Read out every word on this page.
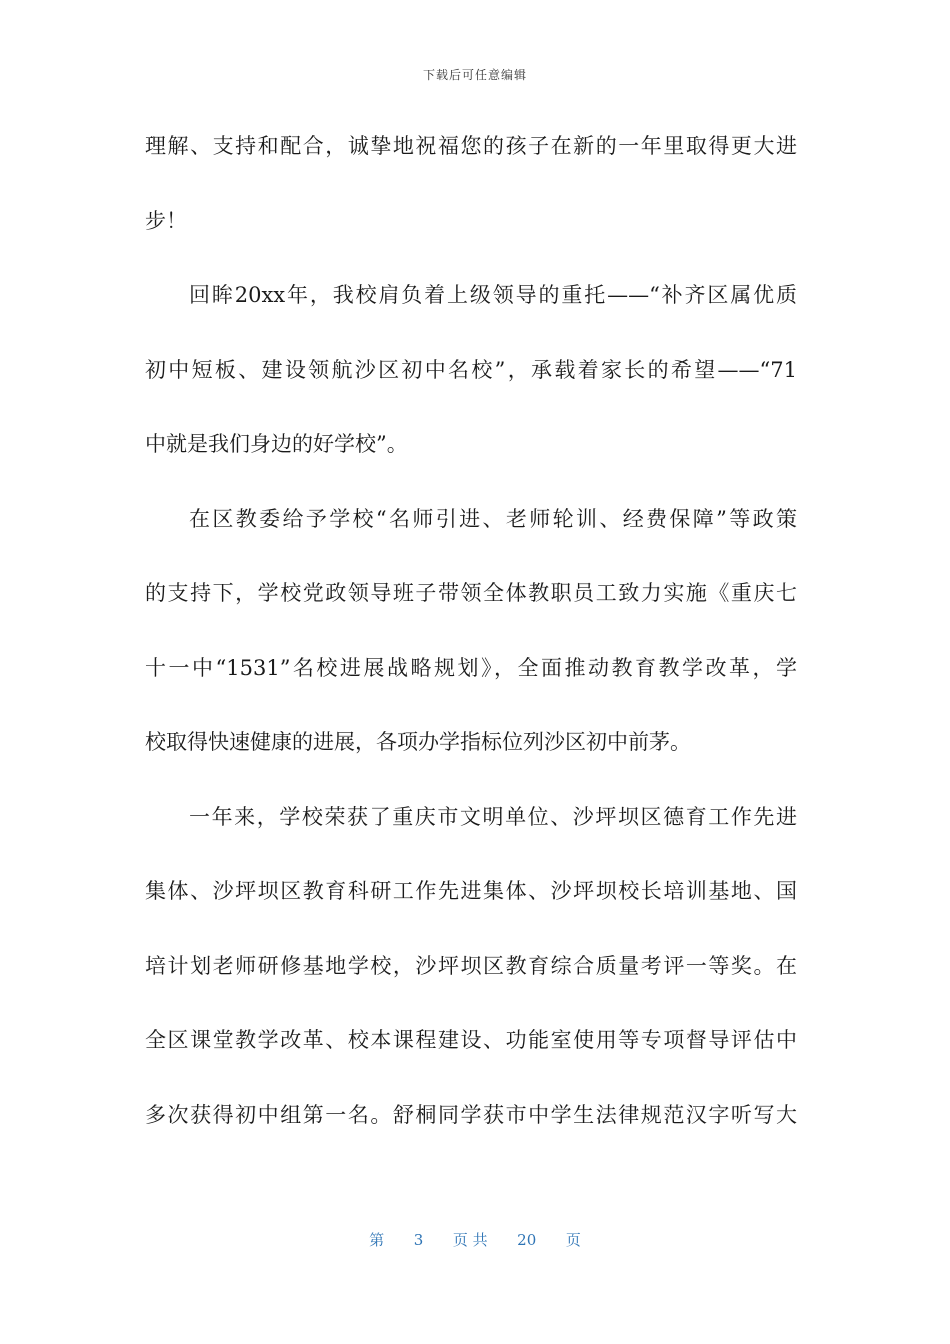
下载后可任意编辑
理解、支持和配合，诚挚地祝福您的孩子在新的一年里取得更大进
步！
回眸20xx年，我校肩负着上级领导的重托——“补齐区属优质
初中短板、建设领航沙区初中名校”，承载着家长的希望——“71
中就是我们身边的好学校”。
在区教委给予学校“名师引进、老师轮训、经费保障”等政策
的支持下，学校党政领导班子带领全体教职员工致力实施《重庆七
十一中“1531”名校进展战略规划》，全面推动教育教学改革，学
校取得快速健康的进展，各项办学指标位列沙区初中前茅。
一年来，学校荣获了重庆市文明单位、沙坪坝区德育工作先进
集体、沙坪坝区教育科研工作先进集体、沙坪坝校长培训基地、国
培计划老师研修基地学校，沙坪坝区教育综合质量考评一等奖。在
全区课堂教学改革、校本课程建设、功能室使用等专项督导评估中
多次获得初中组第一名。舒桐同学获市中学生法律规范汉字听写大
第 3 页 共 20 页
